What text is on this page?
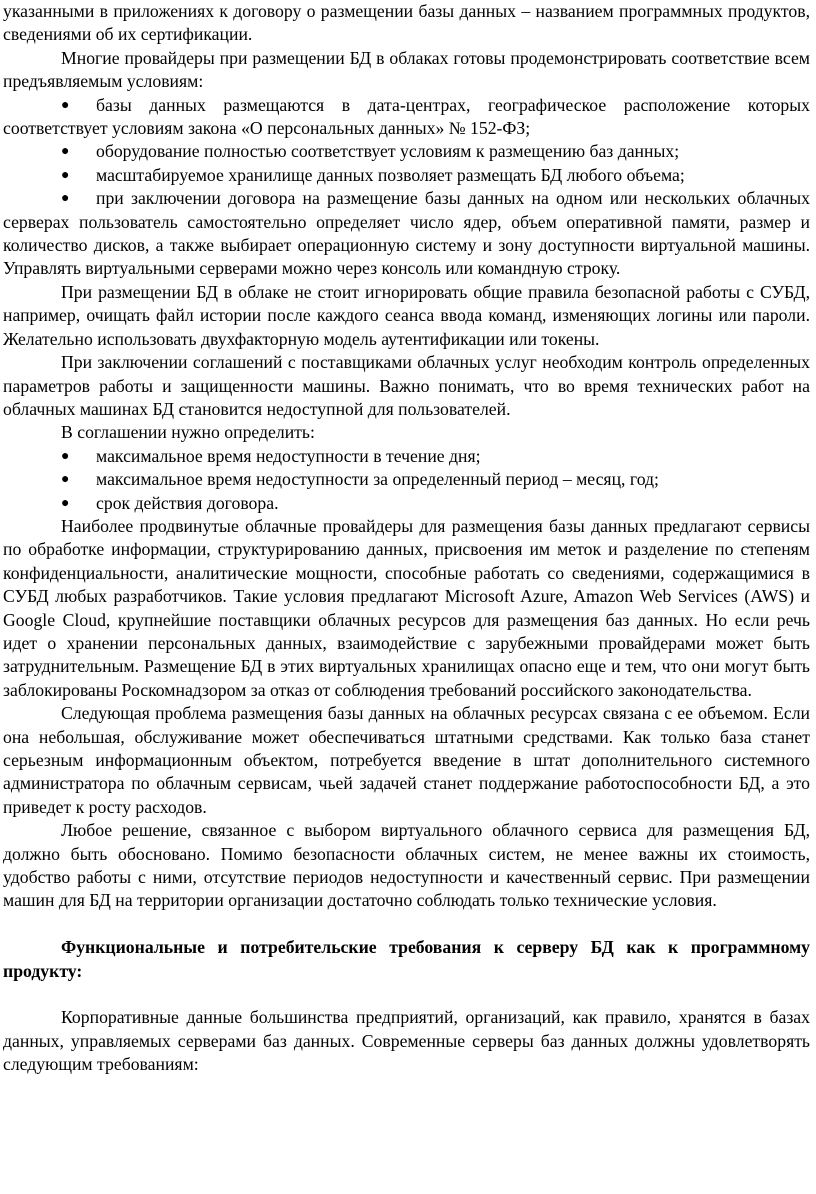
указанными в приложениях к договору о размещении базы данных – названием программных продуктов, сведениями об их сертификации.

Многие провайдеры при размещении БД в облаках готовы продемонстрировать соответствие всем предъявляемым условиям:

● базы данных размещаются в дата-центрах, географическое расположение которых соответствует условиям закона «О персональных данных» № 152-ФЗ;
● оборудование полностью соответствует условиям к размещению баз данных;
● масштабируемое хранилище данных позволяет размещать БД любого объема;
● при заключении договора на размещение базы данных на одном или нескольких облачных серверах пользователь самостоятельно определяет число ядер, объем оперативной памяти, размер и количество дисков, а также выбирает операционную систему и зону доступности виртуальной машины. Управлять виртуальными серверами можно через консоль или командную строку.

При размещении БД в облаке не стоит игнорировать общие правила безопасной работы с СУБД, например, очищать файл истории после каждого сеанса ввода команд, изменяющих логины или пароли. Желательно использовать двухфакторную модель аутентификации или токены.

При заключении соглашений с поставщиками облачных услуг необходим контроль определенных параметров работы и защищенности машины. Важно понимать, что во время технических работ на облачных машинах БД становится недоступной для пользователей.

В соглашении нужно определить:

● максимальное время недоступности в течение дня;
● максимальное время недоступности за определенный период – месяц, год;
● срок действия договора.

Наиболее продвинутые облачные провайдеры для размещения базы данных предлагают сервисы по обработке информации, структурированию данных, присвоения им меток и разделение по степеням конфиденциальности, аналитические мощности, способные работать со сведениями, содержащимися в СУБД любых разработчиков. Такие условия предлагают Microsoft Azure, Amazon Web Services (AWS) и Google Cloud, крупнейшие поставщики облачных ресурсов для размещения баз данных. Но если речь идет о хранении персональных данных, взаимодействие с зарубежными провайдерами может быть затруднительным. Размещение БД в этих виртуальных хранилищах опасно еще и тем, что они могут быть заблокированы Роскомнадзором за отказ от соблюдения требований российского законодательства.

Следующая проблема размещения базы данных на облачных ресурсах связана с ее объемом. Если она небольшая, обслуживание может обеспечиваться штатными средствами. Как только база станет серьезным информационным объектом, потребуется введение в штат дополнительного системного администратора по облачным сервисам, чьей задачей станет поддержание работоспособности БД, а это приведет к росту расходов.

Любое решение, связанное с выбором виртуального облачного сервиса для размещения БД, должно быть обосновано. Помимо безопасности облачных систем, не менее важны их стоимость, удобство работы с ними, отсутствие периодов недоступности и качественный сервис. При размещении машин для БД на территории организации достаточно соблюдать только технические условия.

Функциональные и потребительские требования к серверу БД как к программному продукту:

Корпоративные данные большинства предприятий, организаций, как правило, хранятся в базах данных, управляемых серверами баз данных. Современные серверы баз данных должны удовлетворять следующим требованиям:
